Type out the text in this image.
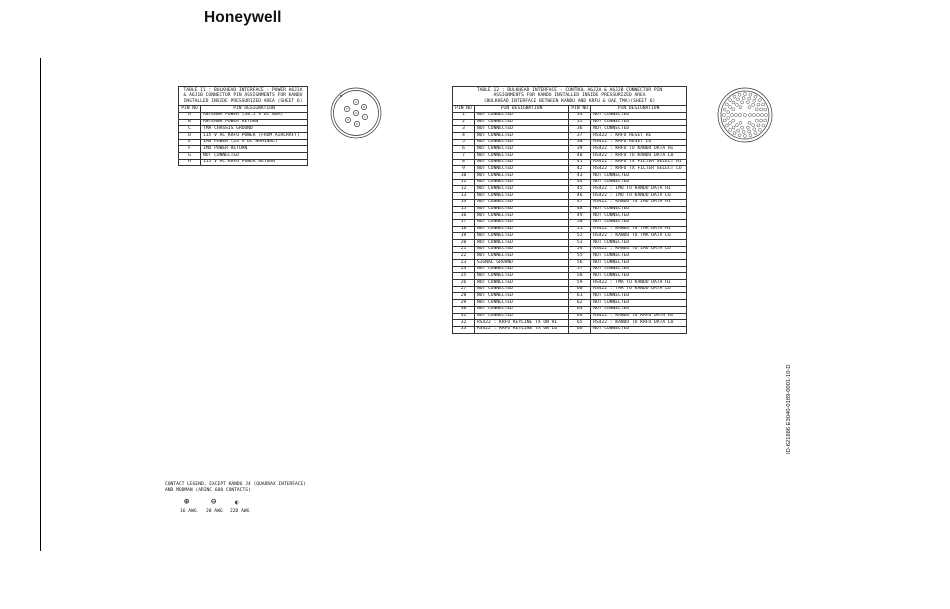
Honeywell
TABLE 11 : BULKHEAD INTERFACE - POWER A6J1A & A6J1B CONNECTOR PIN ASSIGNMENTS FOR KANDU INSTALLED INSIDE PRESSURIZED AREA (SHEET 6)	
PIN NO	PIN DESIGNATION
A	ANTENNA POWER (38.5 V DC NOM)
B	ANTENNA POWER RETURN
C	TMA CHASSIS GROUND
D	115 V AC KRFU POWER (FROM AIRCRAFT)
E	IMU POWER (24 V DC NOMINAL)
F	IMU POWER RETURN
G	NOT CONNECTED
H	115 V AC KRFU POWER RETURN
A
B
C
D
E
F
G
TABLE 12 : BULKHEAD INTERFACE - CONTROL A6J2A & A6J2B CONNECTOR PIN
ASSIGNMENTS FOR KANDU INSTALLED INSIDE PRESSURIZED AREA
(BULKHEAD INTERFACE BETWEEN KANDU AND KRFU & OAE_TMA)(SHEET 6)			
PIN NO	PIN DESIGNATION	PIN NO	PIN DESIGNATION
1	NOT CONNECTED	34	NOT CONNECTED
2	NOT CONNECTED	35	NOT CONNECTED
3	NOT CONNECTED	36	NOT CONNECTED
4	NOT CONNECTED	37	RS422 : KRFU RESET HI
5	NOT CONNECTED	38	RS422 : KRFU RESET LO
6	NOT CONNECTED	39	RS422 : KRFU TO KANDU DATA HI
7	NOT CONNECTED	40	RS422 : KRFU TO KANDU DATA LO
8	NOT CONNECTED	41	RS422 : KRFU TX FILTER SELECT HI
9	NOT CONNECTED	42	RS422 : KRFU TX FILTER SELECT LO
10	NOT CONNECTED	43	NOT CONNECTED
11	NOT CONNECTED	44	NOT CONNECTED
12	NOT CONNECTED	45	RS422 : IMU TO KANDU DATA HI
13	NOT CONNECTED	46	RS422 : IMU TO KANDU DATA LO
14	NOT CONNECTED	47	RS422 : KANDU TO IMU DATA HI
15	NOT CONNECTED	48	NOT CONNECTED
16	NOT CONNECTED	49	NOT CONNECTED
17	NOT CONNECTED	50	NOT CONNECTED
18	NOT CONNECTED	51	RS422 : KANDU TO TMA DATA HI
19	NOT CONNECTED	52	RS422 : KANDU TO TMA DATA LO
20	NOT CONNECTED	53	NOT CONNECTED
21	NOT CONNECTED	54	RS422 : KANDU TO IMU DATA LO
22	NOT CONNECTED	55	NOT CONNECTED
23	SIGNAL GROUND	56	NOT CONNECTED
24	NOT CONNECTED	57	NOT CONNECTED
25	NOT CONNECTED	58	NOT CONNECTED
26	NOT CONNECTED	59	RS422 : TMA TO KANDU DATA HI
27	NOT CONNECTED	60	RS422 : TMA TO KANDU DATA LO
28	NOT CONNECTED	61	NOT CONNECTED
29	NOT CONNECTED	62	NOT CONNECTED
30	NOT CONNECTED	63	NOT CONNECTED
31	NOT CONNECTED	64	RS422 : KANDU TO KRFU DATA HI
32	RS422 : KRFU KEYLINE TX ON HI	65	RS422 : KANDU TO KRFU DATA LO
33	RS422 : KRFU KEYLINE TX ON LO	66	NOT CONNECTED
CONTACT LEGEND, EXCEPT KANDU J4 (QUADRAX INTERFACE)
AND MODMAN (ARINC 600 CONTACTS)
⊕ ⊖	◐
16 AWG 20 AWG 22D AWG
ID-621886 E3040-0189-0001-10-D
